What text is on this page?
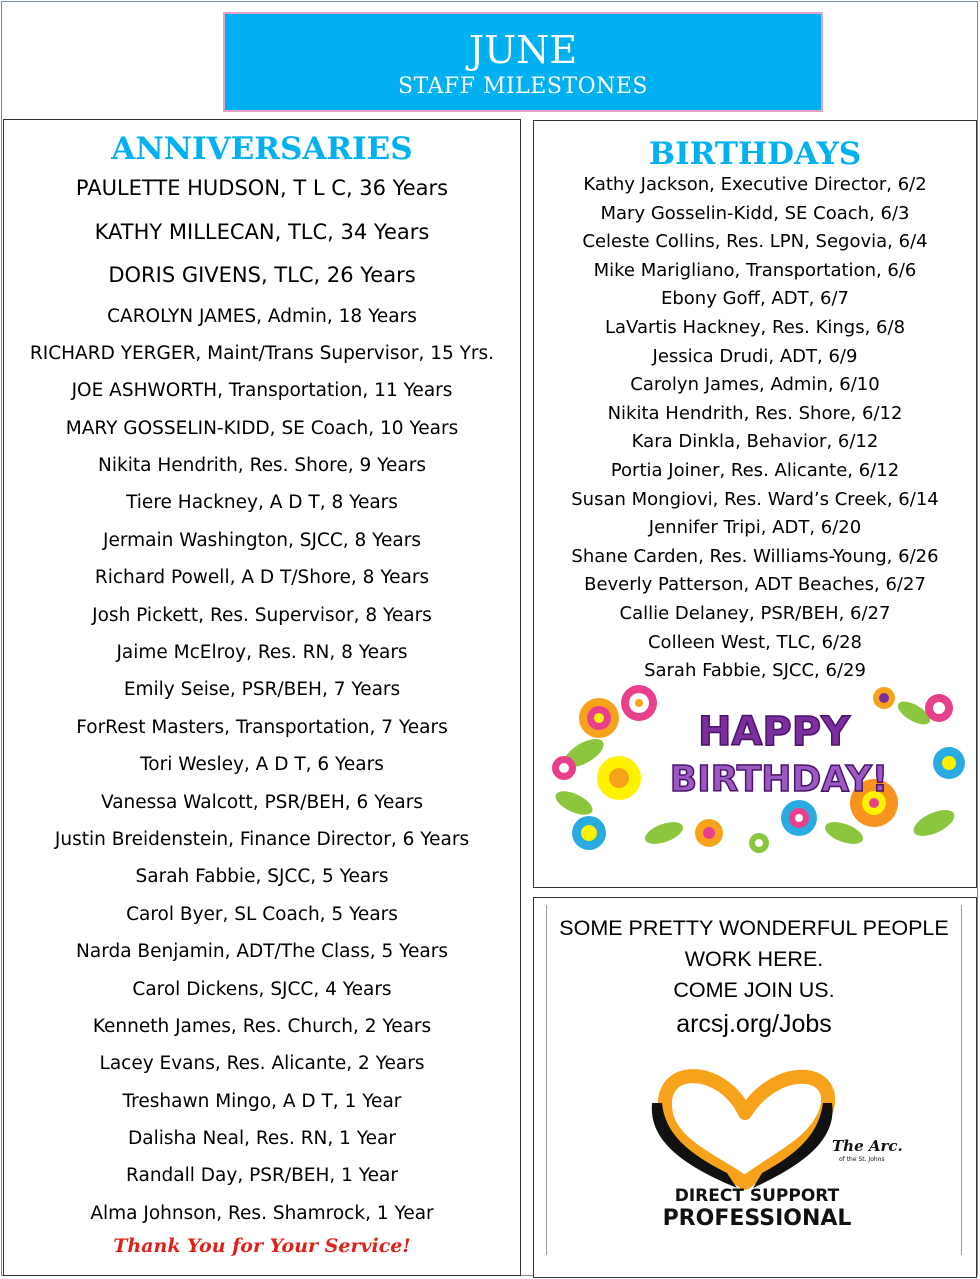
JUNE
STAFF MILESTONES
ANNIVERSARIES
PAULETTE HUDSON, T L C, 36 Years
KATHY MILLECAN, TLC, 34 Years
DORIS GIVENS, TLC, 26 Years
CAROLYN JAMES, Admin, 18 Years
RICHARD YERGER, Maint/Trans Supervisor, 15 Yrs.
JOE ASHWORTH, Transportation, 11 Years
MARY GOSSELIN-KIDD, SE Coach, 10 Years
Nikita Hendrith, Res. Shore, 9 Years
Tiere Hackney, A D T, 8 Years
Jermain Washington, SJCC, 8 Years
Richard Powell, A D T/Shore, 8 Years
Josh Pickett, Res. Supervisor, 8 Years
Jaime McElroy, Res. RN, 8 Years
Emily Seise, PSR/BEH, 7 Years
ForRest Masters, Transportation, 7 Years
Tori Wesley, A D T, 6 Years
Vanessa Walcott, PSR/BEH, 6 Years
Justin Breidenstein, Finance Director, 6 Years
Sarah Fabbie, SJCC, 5 Years
Carol Byer, SL Coach, 5 Years
Narda Benjamin, ADT/The Class, 5 Years
Carol Dickens, SJCC, 4 Years
Kenneth James, Res. Church, 2 Years
Lacey Evans, Res. Alicante, 2 Years
Treshawn Mingo, A D T, 1 Year
Dalisha Neal, Res. RN, 1 Year
Randall Day, PSR/BEH, 1 Year
Alma Johnson, Res. Shamrock, 1 Year
Thank You for Your Service!
BIRTHDAYS
Kathy Jackson, Executive Director, 6/2
Mary Gosselin-Kidd, SE Coach, 6/3
Celeste Collins, Res. LPN, Segovia, 6/4
Mike Marigliano, Transportation, 6/6
Ebony Goff, ADT, 6/7
LaVartis Hackney, Res. Kings, 6/8
Jessica Drudi, ADT, 6/9
Carolyn James, Admin, 6/10
Nikita Hendrith, Res. Shore, 6/12
Kara Dinkla, Behavior, 6/12
Portia Joiner, Res. Alicante, 6/12
Susan Mongiovi, Res. Ward’s Creek, 6/14
Jennifer Tripi, ADT, 6/20
Shane Carden, Res. Williams-Young, 6/26
Beverly Patterson, ADT Beaches, 6/27
Callie Delaney, PSR/BEH, 6/27
Colleen West, TLC, 6/28
Sarah Fabbie, SJCC, 6/29
HAPPY
BIRTHDAY!
SOME PRETTY WONDERFUL PEOPLE
WORK HERE.
COME JOIN US.
arcsj.org/Jobs
The Arc.
of the St. Johns
DIRECT SUPPORT
PROFESSIONAL
